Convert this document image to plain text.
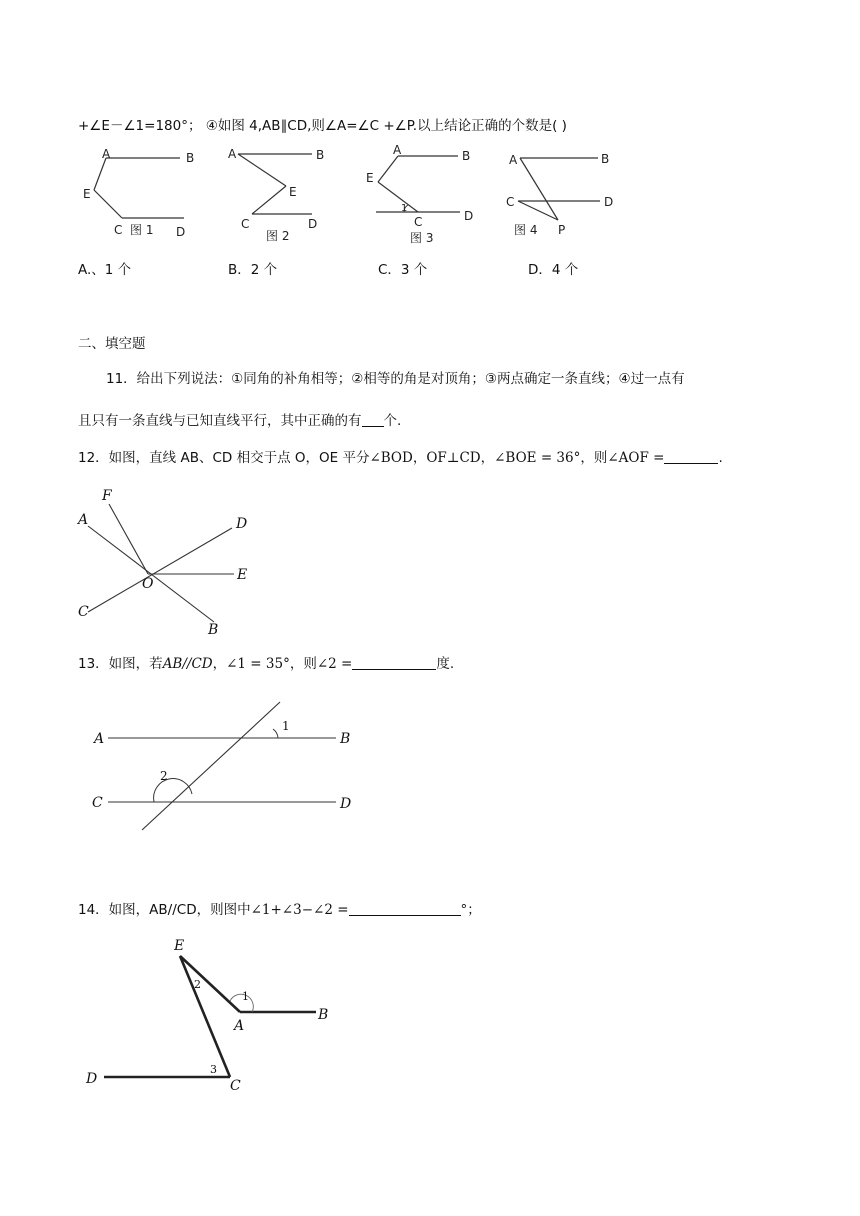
+∠E－∠1=180°； ④如图 4,AB∥CD,则∠A=∠C +∠P.以上结论正确的个数是( )
A	B
E
C	D
图 1
A	B
E
C	D
图 2
A	B
E
1
C	D
图 3
A	B
C	D
P
图 4
A.、1 个	B．2 个	C．3 个	D．4 个
二、填空题
11．给出下列说法：①同角的补角相等；②相等的角是对顶角；③两点确定一条直线；④过一点有
且只有一条直线与已知直线平行，其中正确的有 个.
12．如图，直线 AB、CD 相交于点 O，OE 平分∠BOD，OF⊥CD，∠BOE = 36°，则∠AOF =	.
A
F
D
E
O
C
B
13．如图，若AB//CD，∠1 = 35°，则∠2 =	度.
A	B
C	D
1
2
14．如图，AB//CD，则图中∠1+∠3−∠2 =	°；
E
2
1
A
B
3
D	C
